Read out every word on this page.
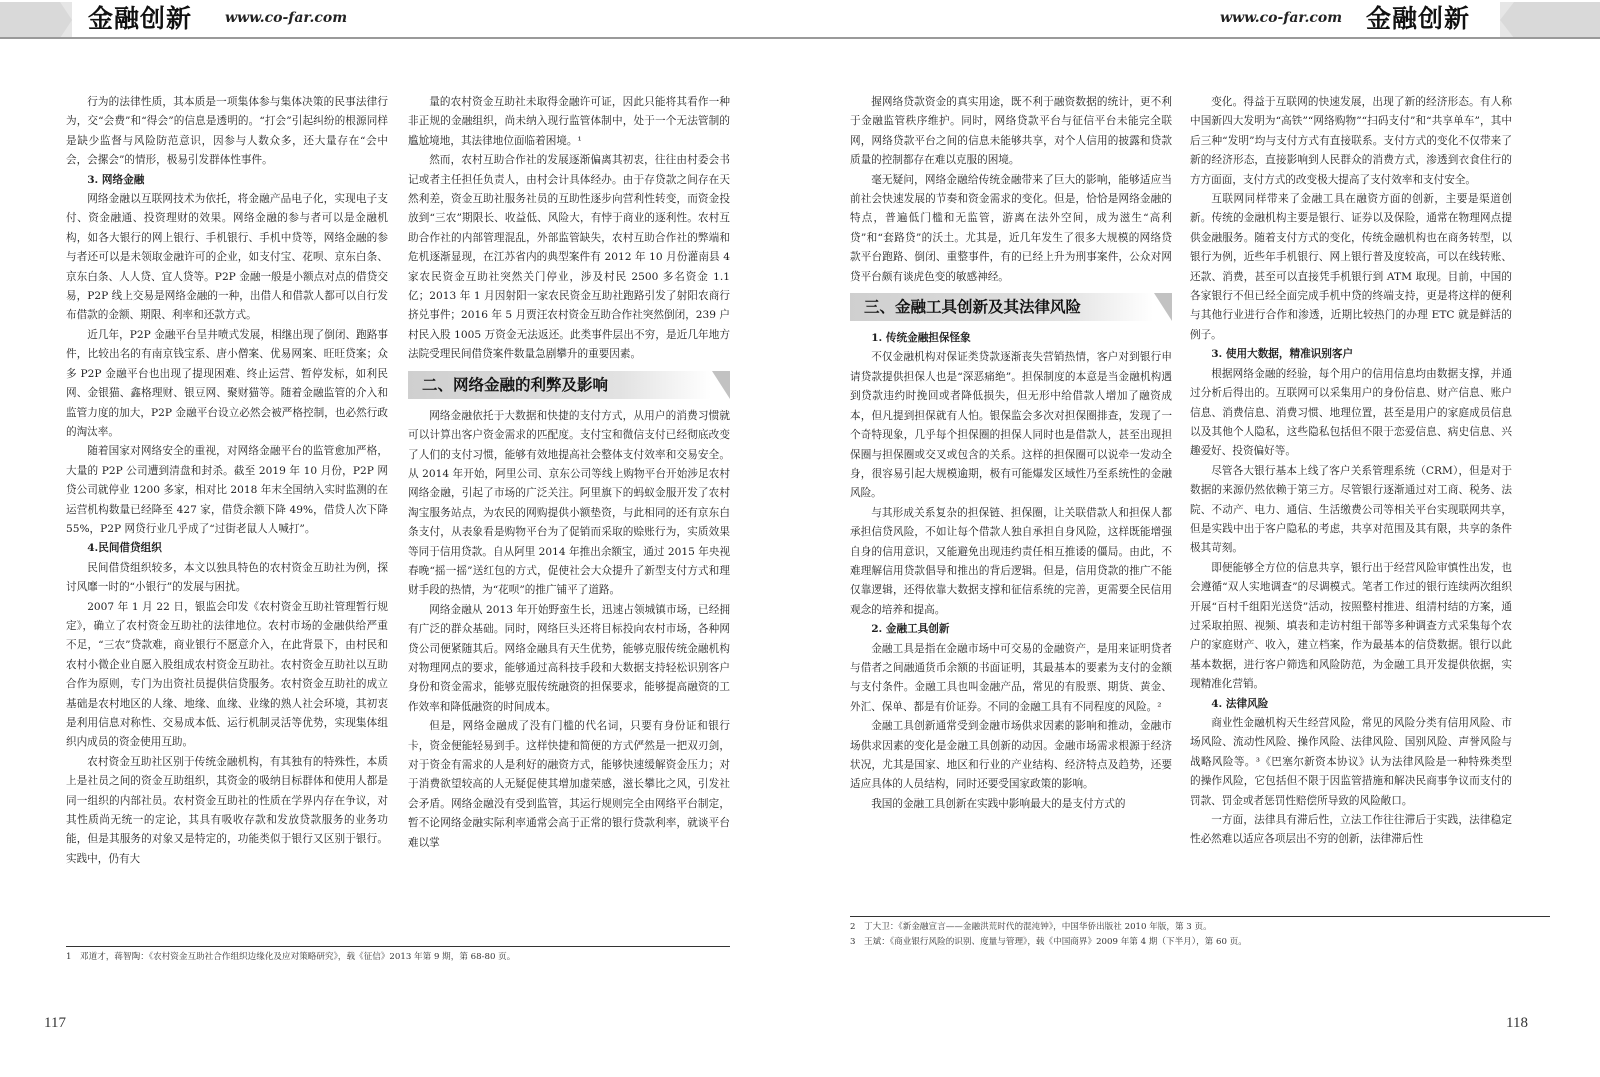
金融创新 www.co-far.com

行为的法律性质，其本质是一项集体参与集体决策的民事法律行为，交“会费”和“得会”的信息是透明的。“打会”引起纠纷的根源同样是缺少监督与风险防范意识，因参与人数众多，还大量存在“会中会，会摞会”的情形，极易引发群体性事件。

3. 网络金融

网络金融以互联网技术为依托，将金融产品电子化，实现电子支付、资金融通、投资理财的效果。网络金融的参与者可以是金融机构，如各大银行的网上银行、手机银行、手机中贷等，网络金融的参与者还可以是未领取金融许可的企业，如支付宝、花呗、京东白条、京东白条、人人贷、宜人贷等。P2P 金融一般是小额点对点的借贷交易，P2P 线上交易是网络金融的一种，出借人和借款人都可以自行发布借款的金额、期限、利率和还款方式。

近几年，P2P 金融平台呈井喷式发展，相继出现了倒闭、跑路事件，比较出名的有南京钱宝系、唐小僧案、优易网案、旺旺贷案；众多 P2P 金融平台也出现了提现困难、终止运营、暂停发标，如利民网、金银猫、鑫格理财、银豆网、聚财猫等。随着金融监管的介入和监管力度的加大，P2P 金融平台设立必然会被严格控制，也必然行政的淘汰率。

随着国家对网络安全的重视，对网络金融平台的监管愈加严格，大量的 P2P 公司遭到清盘和封杀。截至 2019 年 10 月份，P2P 网贷公司就停业 1200 多家，相对比 2018 年末全国纳入实时监测的在运营机构数量已经降至 427 家，借贷余额下降 49%，借贷人次下降 55%，P2P 网贷行业几乎成了“过街老鼠人人喊打”。

4.民间借贷组织

民间借贷组织较多，本文以独具特色的农村资金互助社为例，探讨风靡一时的“小银行”的发展与困扰。

2007 年 1 月 22 日，银监会印发《农村资金互助社管理暂行规定》，确立了农村资金互助社的法律地位。农村市场的金融供给严重不足，“三农”贷款难，商业银行不愿意介入，在此背景下，由村民和农村小微企业自愿入股组成农村资金互助社。农村资金互助社以互助合作为原则，专门为出资社员提供信贷服务。农村资金互助社的成立基础是农村地区的人缘、地缘、血缘、业缘的熟人社会环境，其初衷是利用信息对称性、交易成本低、运行机制灵活等优势，实现集体组织内成员的资金使用互助。

农村资金互助社区别于传统金融机构，有其独有的特殊性，本质上是社员之间的资金互助组织，其资金的吸纳目标群体和使用人都是同一组织的内部社员。农村资金互助社的性质在学界内存在争议，对其性质尚无统一的定论，其具有吸收存款和发放贷款服务的业务功能，但是其服务的对象又是特定的，功能类似于银行又区别于银行。实践中，仍有大

量的农村资金互助社未取得金融许可证，因此只能将其看作一种非正规的金融组织，尚未纳入现行监管体制中，处于一个无法管制的尴尬境地，其法律地位面临着困境。¹

然而，农村互助合作社的发展逐渐偏离其初衷，往往由村委会书记或者主任担任负责人，由村会计具体经办。由于存贷款之间存在天然利差，资金互助社服务社员的互助性逐步向营利性转变，而资金投放到“三农”期限长、收益低、风险大，有悖于商业的逐利性。农村互助合作社的内部管理混乱，外部监管缺失，农村互助合作社的弊端和危机逐渐显现，在江苏省内的典型案件有 2012 年 10 月份灌南县 4 家农民资金互助社突然关门停业，涉及村民 2500 多名资金 1.1 亿；2013 年 1 月因射阳一家农民资金互助社跑路引发了射阳农商行挤兑事件；2016 年 5 月贾汪农村资金互助合作社突然倒闭，239 户村民入股 1005 万资金无法返还。此类事件层出不穷，是近几年地方法院受理民间借贷案件数量急剧攀升的重要因素。

二、网络金融的利弊及影响

网络金融依托于大数据和快捷的支付方式，从用户的消费习惯就可以计算出客户资金需求的匹配度。支付宝和微信支付已经彻底改变了人们的支付习惯，能够有效地提高社会整体支付效率和交易安全。从 2014 年开始，阿里公司、京东公司等线上购物平台开始涉足农村网络金融，引起了市场的广泛关注。阿里旗下的蚂蚁金服开发了农村淘宝服务站点，为农民的网购提供小额垫资，与此相同的还有京东白条支付，从表象看是购物平台为了促销而采取的赊账行为，实质效果等同于信用贷款。自从阿里 2014 年推出余额宝，通过 2015 年央视春晚“摇一摇”送红包的方式，促使社会大众提升了新型支付方式和理财手段的热情，为“花呗”的推广铺平了道路。

网络金融从 2013 年开始野蛮生长，迅速占领城镇市场，已经拥有广泛的群众基础。同时，网络巨头还将目标投向农村市场，各种网贷公司便紧随其后。网络金融具有天生优势，能够克服传统金融机构对物理网点的要求，能够通过高科技手段和大数据支持轻松识别客户身份和资金需求，能够克服传统融资的担保要求，能够提高融资的工作效率和降低融资的时间成本。

但是，网络金融成了没有门槛的代名词，只要有身份证和银行卡，资金便能轻易到手。这样快捷和简便的方式俨然是一把双刃剑，对于资金有需求的人是利好的融资方式，能够快速缓解资金压力；对于消费欲望较高的人无疑促使其增加虚荣感，滋长攀比之风，引发社会矛盾。网络金融没有受到监管，其运行规则完全由网络平台制定，暂不论网络金融实际利率通常会高于正常的银行贷款利率，就谈平台难以掌

1　邓道才，蒋智陶：《农村资金互助社合作组织边缘化及应对策略研究》，载《征信》2013 年第 9 期，第 68-80 页。
117
www.co-far.com 金融创新

握网络贷款资金的真实用途，既不利于融资数据的统计，更不利于金融监管秩序维护。同时，网络贷款平台与征信平台未能完全联网，网络贷款平台之间的信息未能够共享，对个人信用的披露和贷款质量的控制都存在难以克服的困境。

毫无疑问，网络金融给传统金融带来了巨大的影响，能够适应当前社会快速发展的节奏和资金需求的变化。但是，恰恰是网络金融的特点，普遍低门槛和无监管，游离在法外空间，成为滋生“高利贷”和“套路贷”的沃土。尤其是，近几年发生了很多大规模的网络贷款平台跑路、倒闭、重整事件，有的已经上升为刑事案件，公众对网贷平台颇有谈虎色变的敏感神经。

三、金融工具创新及其法律风险
1. 传统金融担保怪象

不仅金融机构对保证类贷款逐渐丧失营销热情，客户对到银行申请贷款提供担保人也是“深恶痛绝”。担保制度的本意是当金融机构遇到贷款违约时挽回或者降低损失，但无形中给借款人增加了融资成本，但凡提到担保就有人怕。银保监会多次对担保圈排查，发现了一个奇特现象，几乎每个担保圈的担保人同时也是借款人，甚至出现担保圈与担保圈或交叉或包含的关系。这样的担保圈可以说牵一发动全身，很容易引起大规模逾期，极有可能爆发区域性乃至系统性的金融风险。

与其形成关系复杂的担保链、担保圈，让关联借款人和担保人都承担信贷风险，不如让每个借款人独自承担自身风险，这样既能增强自身的信用意识，又能避免出现违约责任相互推诿的僵局。由此，不难理解信用贷款倡导和推出的背后逻辑。但是，信用贷款的推广不能仅靠逻辑，还得依靠大数据支撑和征信系统的完善，更需要全民信用观念的培养和提高。

2. 金融工具创新

金融工具是指在金融市场中可交易的金融资产，是用来证明贷者与借者之间融通货币余额的书面证明，其最基本的要素为支付的金额与支付条件。金融工具也叫金融产品，常见的有股票、期货、黄金、外汇、保单、都是有价证券。不同的金融工具有不同程度的风险。²

金融工具创新通常受到金融市场供求因素的影响和推动，金融市场供求因素的变化是金融工具创新的动因。金融市场需求根源于经济状况，尤其是国家、地区和行业的产业结构、经济特点及趋势，还要适应具体的人员结构，同时还要受国家政策的影响。

我国的金融工具创新在实践中影响最大的是支付方式的

变化。得益于互联网的快速发展，出现了新的经济形态。有人称中国新四大发明为“高铁”“网络购物”“扫码支付”和“共享单车”，其中后三种“发明”均与支付方式有直接联系。支付方式的变化不仅带来了新的经济形态，直接影响到人民群众的消费方式，渗透到衣食住行的方方面面，支付方式的改变极大提高了支付效率和支付安全。

互联网同样带来了金融工具在融资方面的创新，主要是渠道创新。传统的金融机构主要是银行、证券以及保险，通常在物理网点提供金融服务。随着支付方式的变化，传统金融机构也在商务转型，以银行为例，近些年手机银行、网上银行普及度较高，可以在线转账、还款、消费，甚至可以直接凭手机银行到 ATM 取现。目前，中国的各家银行不但已经全面完成手机中贷的终端支持，更是将这样的便利与其他行业进行合作和渗透，近期比较热门的办理 ETC 就是鲜活的例子。

3. 使用大数据，精准识别客户

根据网络金融的经验，每个用户的信用信息均由数据支撑，并通过分析后得出的。互联网可以采集用户的身份信息、财产信息、账户信息、消费信息、消费习惯、地理位置，甚至是用户的家庭成员信息以及其他个人隐私，这些隐私包括但不限于恋爱信息、病史信息、兴趣爱好、投资偏好等。

尽管各大银行基本上线了客户关系管理系统（CRM），但是对于数据的来源仍然依赖于第三方。尽管银行逐渐通过对工商、税务、法院、不动产、电力、通信、生活缴费公司等相关平台实现联网共享，但是实践中出于客户隐私的考虑，共享对范围及其有限，共享的条件极其苛刻。

即便能够全方位的信息共享，银行出于经营风险审慎性出发，也会遵循“双人实地调查”的尽调模式。笔者工作过的银行连续两次组织开展“百村千组阳光送贷”活动，按照整村推进、组清村结的方案，通过采取拍照、视频、填表和走访村组干部等多种调查方式采集每个农户的家庭财产、收入，建立档案，作为最基本的信贷数据。银行以此基本数据，进行客户筛选和风险防范，为金融工具开发提供依据，实现精准化营销。

4. 法律风险

商业性金融机构天生经营风险，常见的风险分类有信用风险、市场风险、流动性风险、操作风险、法律风险、国别风险、声誉风险与战略风险等。³《巴塞尔新资本协议》认为法律风险是一种特殊类型的操作风险，它包括但不限于因监管措施和解决民商事争议而支付的罚款、罚金或者惩罚性赔偿所导致的风险敞口。

一方面，法律具有滞后性，立法工作往往滞后于实践，法律稳定性必然难以适应各项层出不穷的创新，法律滞后性

2　丁大卫：《新金融宣言——金融洪荒时代的混沌钟》，中国华侨出版社 2010 年版，第 3 页。
3　王斌：《商业银行风险的识别、度量与管理》，载《中国商界》2009 年第 4 期（下半月），第 60 页。
118
